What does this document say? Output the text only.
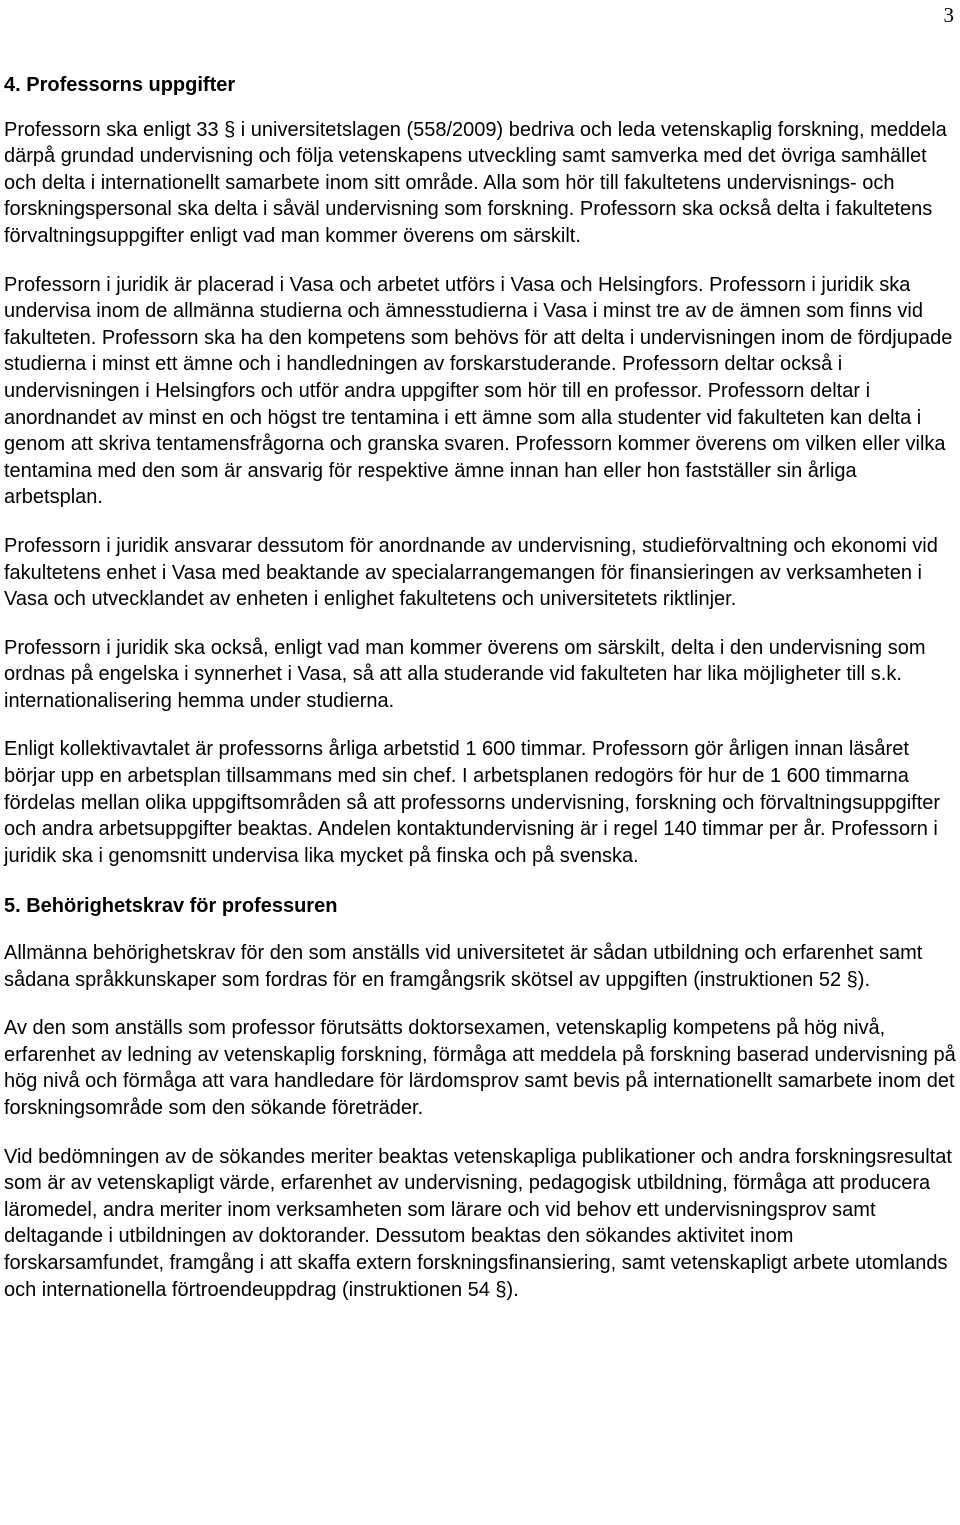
3
4. Professorns uppgifter

Professorn ska enligt 33 § i universitetslagen (558/2009) bedriva och leda vetenskaplig forskning, meddela därpå grundad undervisning och följa vetenskapens utveckling samt samverka med det övriga samhället och delta i internationellt samarbete inom sitt område. Alla som hör till fakultetens undervisnings- och forskningspersonal ska delta i såväl undervisning som forskning. Professorn ska också delta i fakultetens förvaltningsuppgifter enligt vad man kommer överens om särskilt.

Professorn i juridik är placerad i Vasa och arbetet utförs i Vasa och Helsingfors. Professorn i juridik ska undervisa inom de allmänna studierna och ämnesstudierna i Vasa i minst tre av de ämnen som finns vid fakulteten. Professorn ska ha den kompetens som behövs för att delta i undervisningen inom de fördjupade studierna i minst ett ämne och i handledningen av forskarstuderande. Professorn deltar också i undervisningen i Helsingfors och utför andra uppgifter som hör till en professor. Professorn deltar i anordnandet av minst en och högst tre tentamina i ett ämne som alla studenter vid fakulteten kan delta i genom att skriva tentamensfrågorna och granska svaren. Professorn kommer överens om vilken eller vilka tentamina med den som är ansvarig för respektive ämne innan han eller hon fastställer sin årliga arbetsplan.

Professorn i juridik ansvarar dessutom för anordnande av undervisning, studieförvaltning och ekonomi vid fakultetens enhet i Vasa med beaktande av specialarrangemangen för finansieringen av verksamheten i Vasa och utvecklandet av enheten i enlighet fakultetens och universitetets riktlinjer.

Professorn i juridik ska också, enligt vad man kommer överens om särskilt, delta i den undervisning som ordnas på engelska i synnerhet i Vasa, så att alla studerande vid fakulteten har lika möjligheter till s.k. internationalisering hemma under studierna.

Enligt kollektivavtalet är professorns årliga arbetstid 1 600 timmar. Professorn gör årligen innan läsåret börjar upp en arbetsplan tillsammans med sin chef. I arbetsplanen redogörs för hur de 1 600 timmarna fördelas mellan olika uppgiftsområden så att professorns undervisning, forskning och förvaltningsuppgifter och andra arbetsuppgifter beaktas. Andelen kontaktundervisning är i regel 140 timmar per år. Professorn i juridik ska i genomsnitt undervisa lika mycket på finska och på svenska.

5. Behörighetskrav för professuren

Allmänna behörighetskrav för den som anställs vid universitetet är sådan utbildning och erfarenhet samt sådana språkkunskaper som fordras för en framgångsrik skötsel av uppgiften (instruktionen 52 §).

Av den som anställs som professor förutsätts doktorsexamen, vetenskaplig kompetens på hög nivå, erfarenhet av ledning av vetenskaplig forskning, förmåga att meddela på forskning baserad undervisning på hög nivå och förmåga att vara handledare för lärdomsprov samt bevis på internationellt samarbete inom det forskningsområde som den sökande företräder.

Vid bedömningen av de sökandes meriter beaktas vetenskapliga publikationer och andra forskningsresultat som är av vetenskapligt värde, erfarenhet av undervisning, pedagogisk utbildning, förmåga att producera läromedel, andra meriter inom verksamheten som lärare och vid behov ett undervisningsprov samt deltagande i utbildningen av doktorander. Dessutom beaktas den sökandes aktivitet inom forskarsamfundet, framgång i att skaffa extern forskningsfinansiering, samt vetenskapligt arbete utomlands och internationella förtroendeuppdrag (instruktionen 54 §).
